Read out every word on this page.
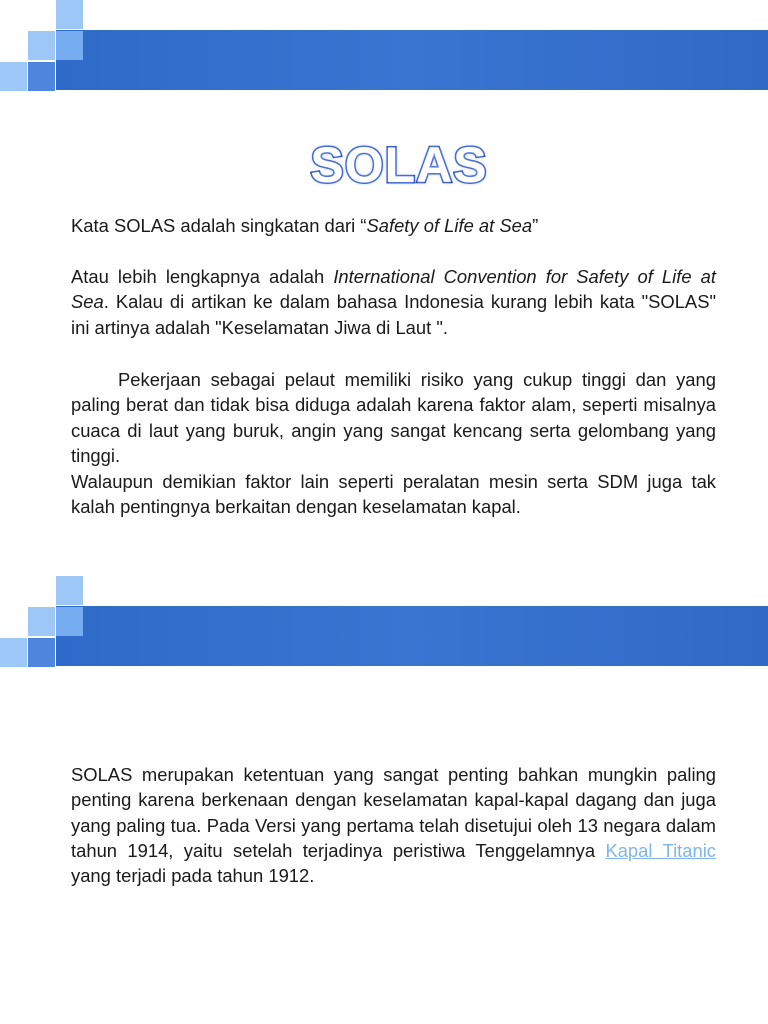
SOLAS

Kata SOLAS adalah singkatan dari “Safety of Life at Sea”

Atau lebih lengkapnya adalah International Convention for Safety of Life at Sea. Kalau di artikan ke dalam bahasa Indonesia kurang lebih kata "SOLAS" ini artinya adalah "Keselamatan Jiwa di Laut ".

Pekerjaan sebagai pelaut memiliki risiko yang cukup tinggi dan yang paling berat dan tidak bisa diduga adalah karena faktor alam, seperti misalnya cuaca di laut yang buruk, angin yang sangat kencang serta gelombang yang tinggi.

Walaupun demikian faktor lain seperti peralatan mesin serta SDM juga tak kalah pentingnya berkaitan dengan keselamatan kapal.

SOLAS merupakan ketentuan yang sangat penting bahkan mungkin paling penting karena berkenaan dengan keselamatan kapal-kapal dagang dan juga yang paling tua. Pada Versi yang pertama telah disetujui oleh 13 negara dalam tahun 1914, yaitu setelah terjadinya peristiwa Tenggelamnya Kapal Titanic yang terjadi pada tahun 1912.
